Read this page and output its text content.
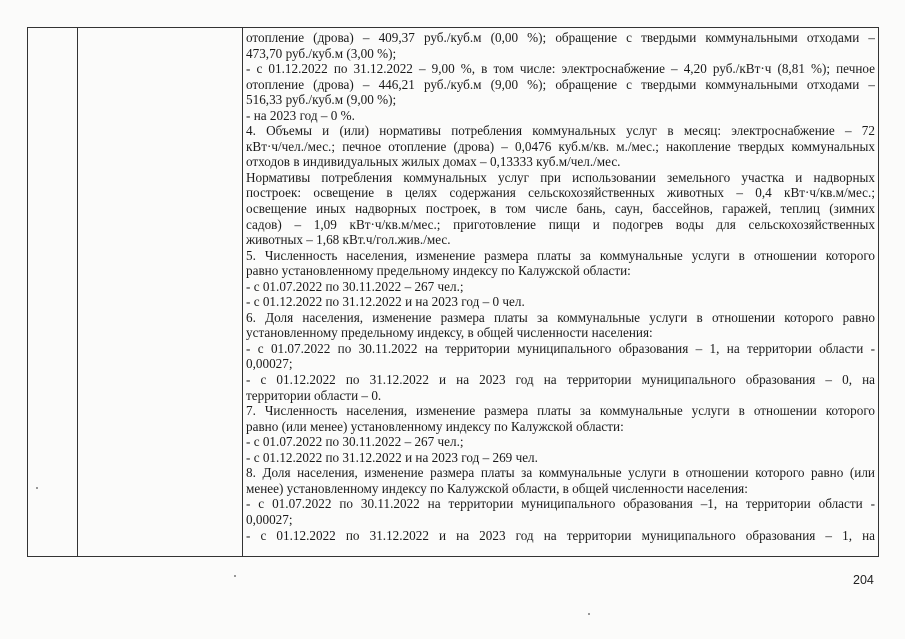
отопление (дрова) – 409,37 руб./куб.м (0,00 %); обращение с твердыми коммунальными отходами –
473,70 руб./куб.м (3,00 %);
- с 01.12.2022 по 31.12.2022 – 9,00 %, в том числе: электроснабжение – 4,20 руб./кВт·ч (8,81 %); печное
отопление (дрова) – 446,21 руб./куб.м (9,00 %); обращение с твердыми коммунальными отходами –
516,33 руб./куб.м (9,00 %);
- на 2023 год – 0 %.
4. Объемы и (или) нормативы потребления коммунальных услуг в месяц: электроснабжение – 72
кВт·ч/чел./мес.; печное отопление (дрова) – 0,0476 куб.м/кв. м./мес.; накопление твердых коммунальных
отходов в индивидуальных жилых домах – 0,13333 куб.м/чел./мес.
Нормативы потребления коммунальных услуг при использовании земельного участка и надворных
построек: освещение в целях содержания сельскохозяйственных животных – 0,4 кВт·ч/кв.м/мес.;
освещение иных надворных построек, в том числе бань, саун, бассейнов, гаражей, теплиц (зимних
садов) – 1,09 кВт·ч/кв.м/мес.; приготовление пищи и подогрев воды для сельскохозяйственных
животных – 1,68 кВт.ч/гол.жив./мес.
5. Численность населения, изменение размера платы за коммунальные услуги в отношении которого
равно установленному предельному индексу по Калужской области:
- с 01.07.2022 по 30.11.2022 – 267 чел.;
- с 01.12.2022 по 31.12.2022 и на 2023 год – 0 чел.
6. Доля населения, изменение размера платы за коммунальные услуги в отношении которого равно
установленному предельному индексу, в общей численности населения:
- с 01.07.2022 по 30.11.2022 на территории муниципального образования – 1, на территории области -
0,00027;
- с 01.12.2022 по 31.12.2022 и на 2023 год на территории муниципального образования – 0, на
территории области – 0.
7. Численность населения, изменение размера платы за коммунальные услуги в отношении которого
равно (или менее) установленному индексу по Калужской области:
- с 01.07.2022 по 30.11.2022 – 267 чел.;
- с 01.12.2022 по 31.12.2022 и на 2023 год – 269 чел.
8. Доля населения, изменение размера платы за коммунальные услуги в отношении которого равно (или
менее) установленному индексу по Калужской области, в общей численности населения:
- с 01.07.2022 по 30.11.2022 на территории муниципального образования –1, на территории области -
0,00027;
- с 01.12.2022 по 31.12.2022 и на 2023 год на территории муниципального образования – 1, на
204
